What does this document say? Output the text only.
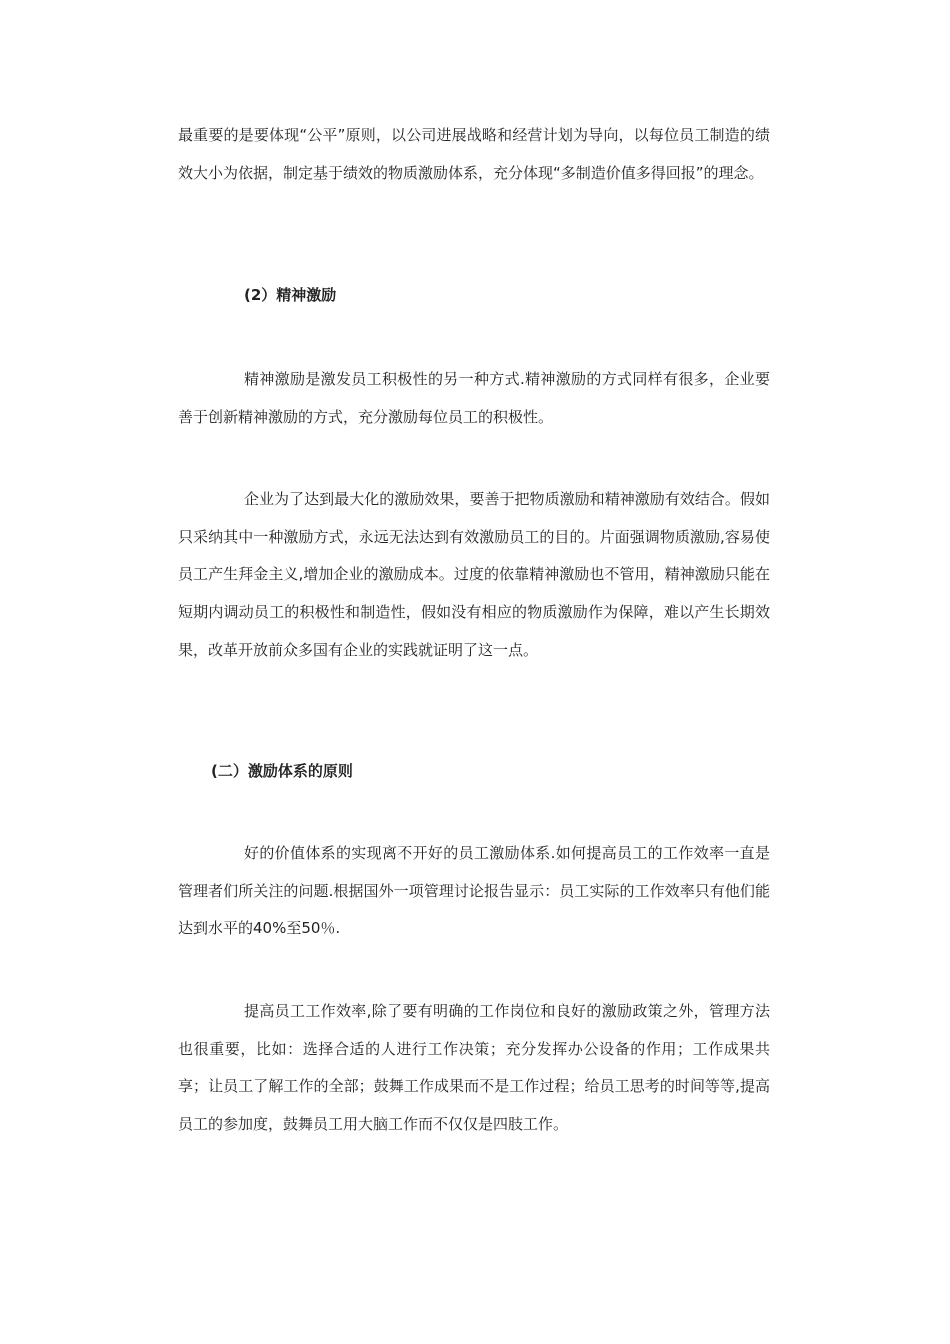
最重要的是要体现“公平”原则，以公司进展战略和经营计划为导向，以每位员工制造的绩效大小为依据，制定基于绩效的物质激励体系，充分体现“多制造价值多得回报”的理念。

(2）精神激励

精神激励是激发员工积极性的另一种方式.精神激励的方式同样有很多，企业要善于创新精神激励的方式，充分激励每位员工的积极性。

企业为了达到最大化的激励效果，要善于把物质激励和精神激励有效结合。假如只采纳其中一种激励方式，永远无法达到有效激励员工的目的。片面强调物质激励,容易使员工产生拜金主义,增加企业的激励成本。过度的依靠精神激励也不管用，精神激励只能在短期内调动员工的积极性和制造性，假如没有相应的物质激励作为保障，难以产生长期效果，改革开放前众多国有企业的实践就证明了这一点。

(二）激励体系的原则

好的价值体系的实现离不开好的员工激励体系.如何提高员工的工作效率一直是管理者们所关注的问题.根据国外一项管理讨论报告显示：员工实际的工作效率只有他们能达到水平的40%至50％.

提高员工工作效率,除了要有明确的工作岗位和良好的激励政策之外，管理方法也很重要，比如：选择合适的人进行工作决策；充分发挥办公设备的作用；工作成果共享；让员工了解工作的全部；鼓舞工作成果而不是工作过程；给员工思考的时间等等,提高员工的参加度，鼓舞员工用大脑工作而不仅仅是四肢工作。
